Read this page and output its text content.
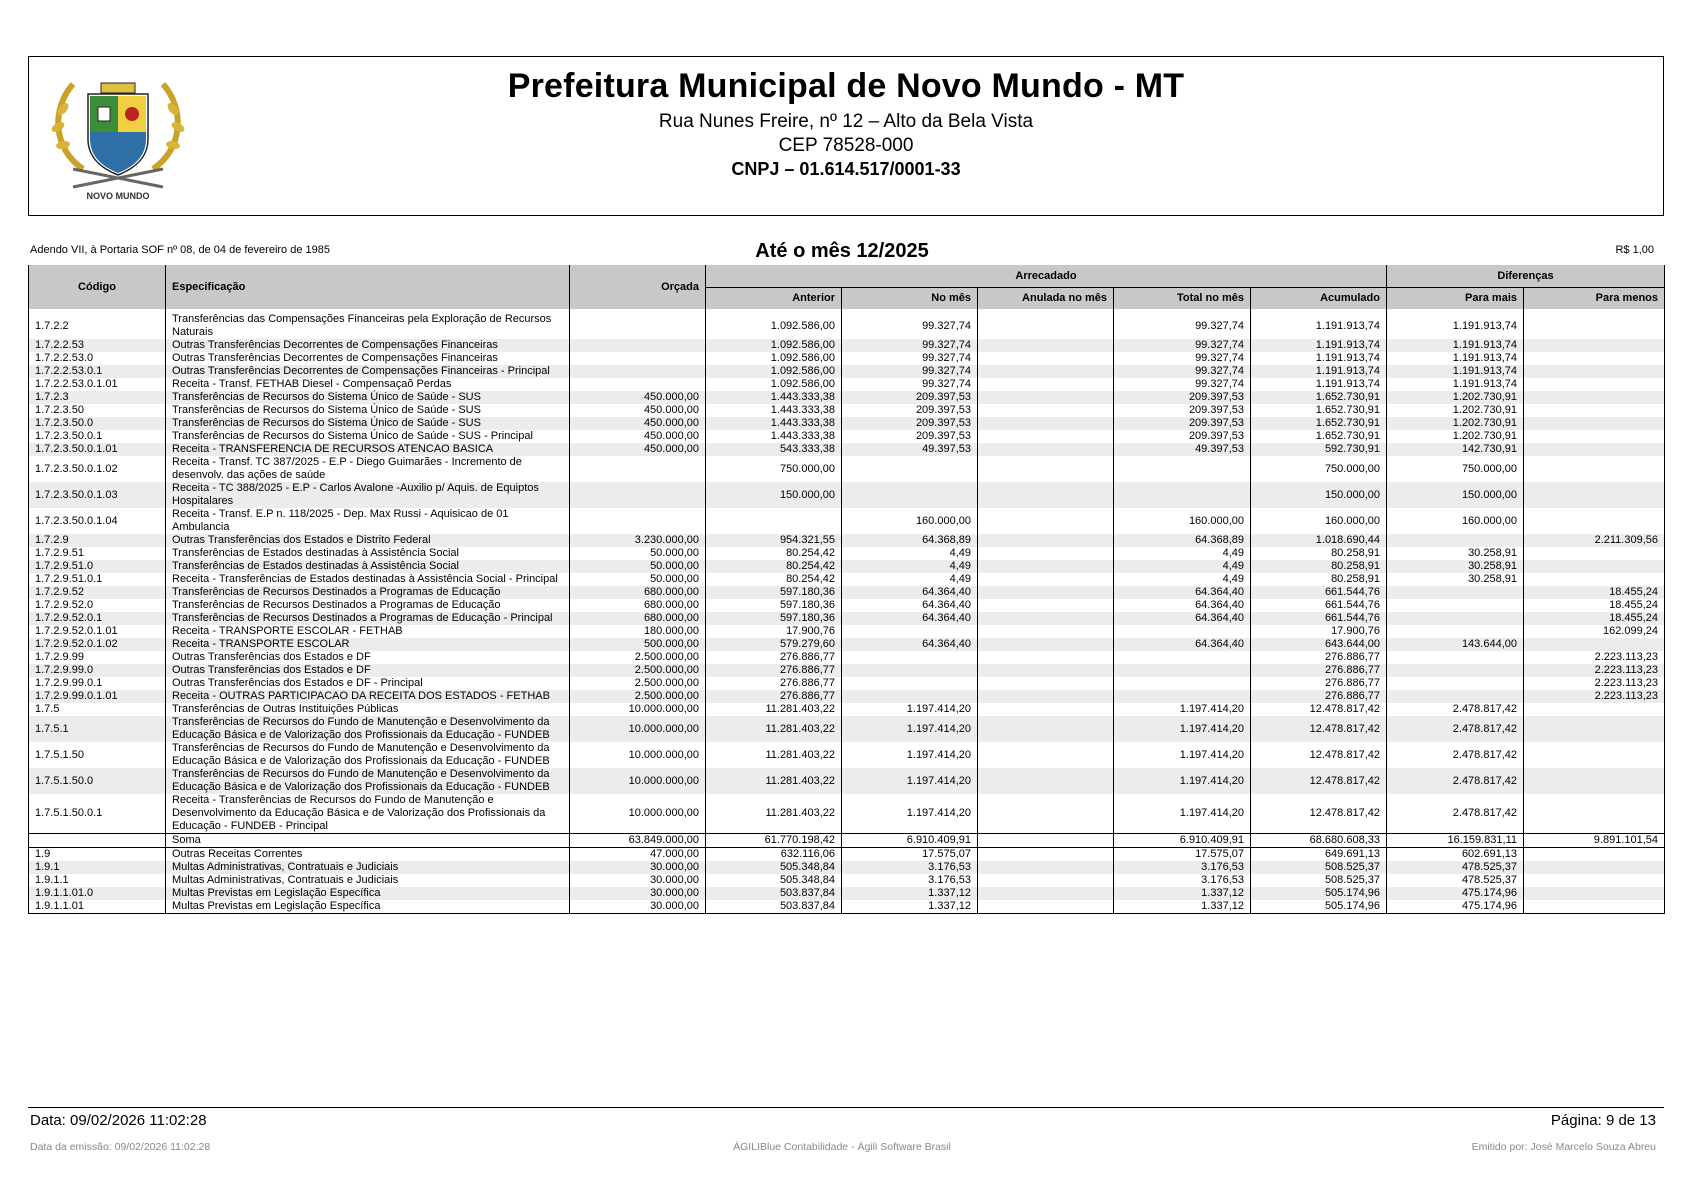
NOVO MUNDO
Prefeitura Municipal de Novo Mundo - MT
Rua Nunes Freire, nº 12 – Alto da Bela Vista
CEP 78528-000
CNPJ – 01.614.517/0001-33
Adendo VII, à Portaria SOF nº 08, de 04 de fevereiro de 1985	Até o mês 12/2025	R$ 1,00
Código	Especificação	Orçada	Arrecadado					Diferenças	
			Anterior	No mês	Anulada no mês	Total no mês	Acumulado	Para mais	Para menos
1.7.2.2	Transferências das Compensações Financeiras pela Exploração de Recursos Naturais		1.092.586,00	99.327,74		99.327,74	1.191.913,74	1.191.913,74	
1.7.2.2.53	Outras Transferências Decorrentes de Compensações Financeiras		1.092.586,00	99.327,74		99.327,74	1.191.913,74	1.191.913,74	
1.7.2.2.53.0	Outras Transferências Decorrentes de Compensações Financeiras		1.092.586,00	99.327,74		99.327,74	1.191.913,74	1.191.913,74	
1.7.2.2.53.0.1	Outras Transferências Decorrentes de Compensações Financeiras - Principal		1.092.586,00	99.327,74		99.327,74	1.191.913,74	1.191.913,74	
1.7.2.2.53.0.1.01	Receita - Transf. FETHAB Diesel - Compensaçaõ Perdas		1.092.586,00	99.327,74		99.327,74	1.191.913,74	1.191.913,74	
1.7.2.3	Transferências de Recursos do Sistema Único de Saúde - SUS	450.000,00	1.443.333,38	209.397,53		209.397,53	1.652.730,91	1.202.730,91	
1.7.2.3.50	Transferências de Recursos do Sistema Único de Saúde - SUS	450.000,00	1.443.333,38	209.397,53		209.397,53	1.652.730,91	1.202.730,91	
1.7.2.3.50.0	Transferências de Recursos do Sistema Único de Saúde - SUS	450.000,00	1.443.333,38	209.397,53		209.397,53	1.652.730,91	1.202.730,91	
1.7.2.3.50.0.1	Transferências de Recursos do Sistema Único de Saúde - SUS - Principal	450.000,00	1.443.333,38	209.397,53		209.397,53	1.652.730,91	1.202.730,91	
1.7.2.3.50.0.1.01	Receita - TRANSFERENCIA DE RECURSOS ATENCAO BASICA	450.000,00	543.333,38	49.397,53		49.397,53	592.730,91	142.730,91	
1.7.2.3.50.0.1.02	Receita - Transf. TC 387/2025 - E.P - Diego Guimarães - Incremento de desenvolv. das ações de saúde		750.000,00				750.000,00	750.000,00	
1.7.2.3.50.0.1.03	Receita - TC 388/2025 - E.P - Carlos Avalone -Auxilio p/ Aquis. de Equiptos Hospitalares		150.000,00				150.000,00	150.000,00	
1.7.2.3.50.0.1.04	Receita - Transf. E.P n. 118/2025 - Dep. Max Russi - Aquisicao de 01 Ambulancia			160.000,00		160.000,00	160.000,00	160.000,00	
1.7.2.9	Outras Transferências dos Estados e Distrito Federal	3.230.000,00	954.321,55	64.368,89		64.368,89	1.018.690,44		2.211.309,56
1.7.2.9.51	Transferências de Estados destinadas à Assistência Social	50.000,00	80.254,42	4,49		4,49	80.258,91	30.258,91	
1.7.2.9.51.0	Transferências de Estados destinadas à Assistência Social	50.000,00	80.254,42	4,49		4,49	80.258,91	30.258,91	
1.7.2.9.51.0.1	Receita - Transferências de Estados destinadas à Assistência Social - Principal	50.000,00	80.254,42	4,49		4,49	80.258,91	30.258,91	
1.7.2.9.52	Transferências de Recursos Destinados a Programas de Educação	680.000,00	597.180,36	64.364,40		64.364,40	661.544,76		18.455,24
1.7.2.9.52.0	Transferências de Recursos Destinados a Programas de Educação	680.000,00	597.180,36	64.364,40		64.364,40	661.544,76		18.455,24
1.7.2.9.52.0.1	Transferências de Recursos Destinados a Programas de Educação - Principal	680.000,00	597.180,36	64.364,40		64.364,40	661.544,76		18.455,24
1.7.2.9.52.0.1.01	Receita - TRANSPORTE ESCOLAR - FETHAB	180.000,00	17.900,76				17.900,76		162.099,24
1.7.2.9.52.0.1.02	Receita - TRANSPORTE ESCOLAR	500.000,00	579.279,60	64.364,40		64.364,40	643.644,00	143.644,00	
1.7.2.9.99	Outras Transferências dos Estados e DF	2.500.000,00	276.886,77				276.886,77		2.223.113,23
1.7.2.9.99.0	Outras Transferências dos Estados e DF	2.500.000,00	276.886,77				276.886,77		2.223.113,23
1.7.2.9.99.0.1	Outras Transferências dos Estados e DF - Principal	2.500.000,00	276.886,77				276.886,77		2.223.113,23
1.7.2.9.99.0.1.01	Receita - OUTRAS PARTICIPACAO DA RECEITA DOS ESTADOS - FETHAB	2.500.000,00	276.886,77				276.886,77		2.223.113,23
1.7.5	Transferências de Outras Instituições Públicas	10.000.000,00	11.281.403,22	1.197.414,20		1.197.414,20	12.478.817,42	2.478.817,42	
1.7.5.1	Transferências de Recursos do Fundo de Manutenção e Desenvolvimento da Educação Básica e de Valorização dos Profissionais da Educação - FUNDEB	10.000.000,00	11.281.403,22	1.197.414,20		1.197.414,20	12.478.817,42	2.478.817,42	
1.7.5.1.50	Transferências de Recursos do Fundo de Manutenção e Desenvolvimento da Educação Básica e de Valorização dos Profissionais da Educação - FUNDEB	10.000.000,00	11.281.403,22	1.197.414,20		1.197.414,20	12.478.817,42	2.478.817,42	
1.7.5.1.50.0	Transferências de Recursos do Fundo de Manutenção e Desenvolvimento da Educação Básica e de Valorização dos Profissionais da Educação - FUNDEB	10.000.000,00	11.281.403,22	1.197.414,20		1.197.414,20	12.478.817,42	2.478.817,42	
1.7.5.1.50.0.1	Receita - Transferências de Recursos do Fundo de Manutenção e Desenvolvimento da Educação Básica e de Valorização dos Profissionais da Educação - FUNDEB - Principal	10.000.000,00	11.281.403,22	1.197.414,20		1.197.414,20	12.478.817,42	2.478.817,42	
	Soma	63.849.000,00	61.770.198,42	6.910.409,91		6.910.409,91	68.680.608,33	16.159.831,11	9.891.101,54
1.9	Outras Receitas Correntes	47.000,00	632.116,06	17.575,07		17.575,07	649.691,13	602.691,13	
1.9.1	Multas Administrativas, Contratuais e Judiciais	30.000,00	505.348,84	3.176,53		3.176,53	508.525,37	478.525,37	
1.9.1.1	Multas Administrativas, Contratuais e Judiciais	30.000,00	505.348,84	3.176,53		3.176,53	508.525,37	478.525,37	
1.9.1.1.01.0	Multas Previstas em Legislação Específica	30.000,00	503.837,84	1.337,12		1.337,12	505.174,96	475.174,96	
1.9.1.1.01	Multas Previstas em Legislação Específica	30.000,00	503.837,84	1.337,12		1.337,12	505.174,96	475.174,96	
Data: 09/02/2026 11:02:28	Página: 9 de 13
Data da emissão: 09/02/2026 11:02:28	ÁGILIBlue Contabilidade - Ágili Software Brasil	Emitido por: José Marcelo Souza Abreu
